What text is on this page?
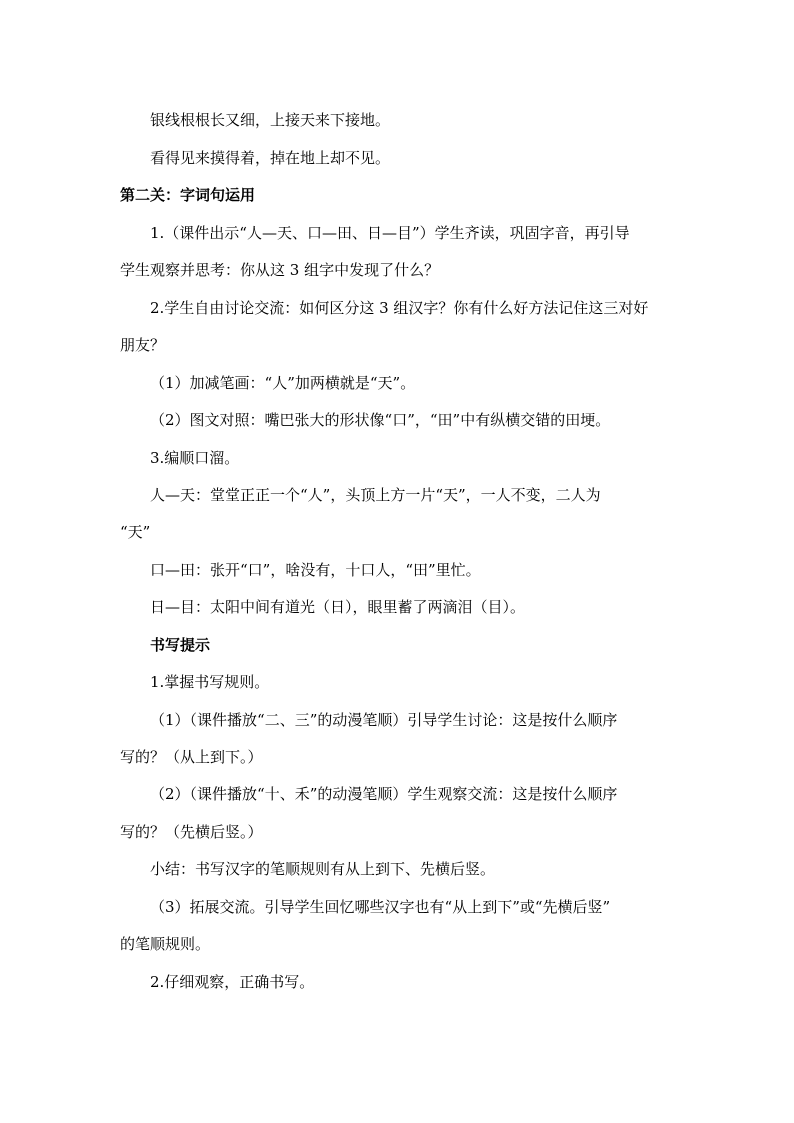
银线根根长又细，上接天来下接地。
看得见来摸得着，掉在地上却不见。
第二关：字词句运用
1.（课件出示“人—天、口—田、日—目”）学生齐读，巩固字音，再引导
学生观察并思考：你从这 3 组字中发现了什么？
2.学生自由讨论交流：如何区分这 3 组汉字？你有什么好方法记住这三对好
朋友？
（1）加减笔画：“人”加两横就是“天”。
（2）图文对照：嘴巴张大的形状像“口”，“田”中有纵横交错的田埂。
3.编顺口溜。
人—天：堂堂正正一个“人”，头顶上方一片“天”，一人不变，二人为
“天”
口—田：张开“口”，啥没有，十口人，“田”里忙。
日—目：太阳中间有道光（日），眼里蓄了两滴泪（目）。
书写提示
1.掌握书写规则。
（1）（课件播放“二、三”的动漫笔顺）引导学生讨论：这是按什么顺序
写的？（从上到下。）
（2）（课件播放“十、禾”的动漫笔顺）学生观察交流：这是按什么顺序
写的？（先横后竖。）
小结：书写汉字的笔顺规则有从上到下、先横后竖。
（3）拓展交流。引导学生回忆哪些汉字也有“从上到下”或“先横后竖”
的笔顺规则。
2.仔细观察，正确书写。
